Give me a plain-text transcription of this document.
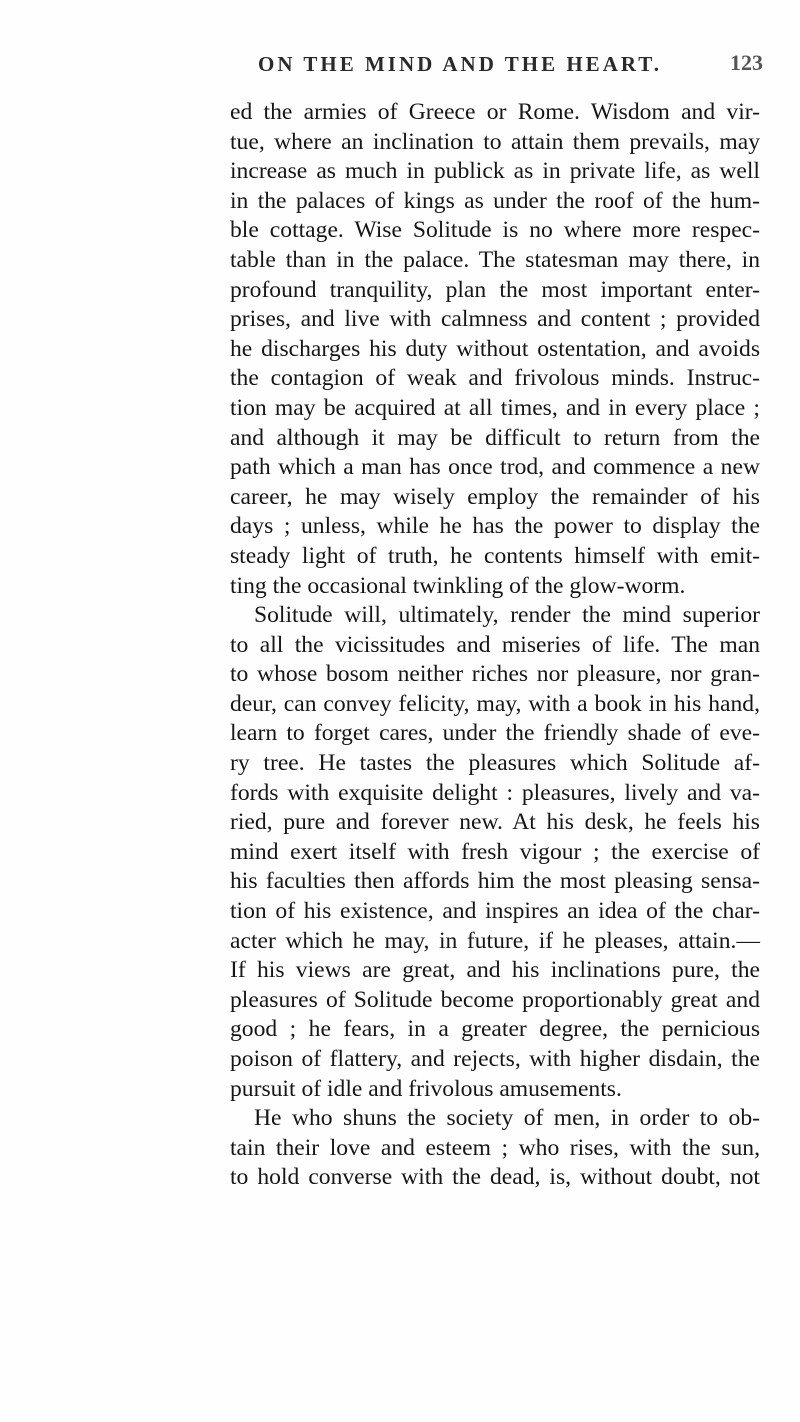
ON THE MIND AND THE HEART.	123
ed the armies of Greece or Rome. Wisdom and vir-
tue, where an inclination to attain them prevails, may
increase as much in publick as in private life, as well
in the palaces of kings as under the roof of the hum-
ble cottage. Wise Solitude is no where more respec-
table than in the palace. The statesman may there, in
profound tranquility, plan the most important enter-
prises, and live with calmness and content ; provided
he discharges his duty without ostentation, and avoids
the contagion of weak and frivolous minds. Instruc-
tion may be acquired at all times, and in every place ;
and although it may be difficult to return from the
path which a man has once trod, and commence a new
career, he may wisely employ the remainder of his
days ; unless, while he has the power to display the
steady light of truth, he contents himself with emit-
ting the occasional twinkling of the glow-worm.
Solitude will, ultimately, render the mind superior
to all the vicissitudes and miseries of life. The man
to whose bosom neither riches nor pleasure, nor gran-
deur, can convey felicity, may, with a book in his hand,
learn to forget cares, under the friendly shade of eve-
ry tree. He tastes the pleasures which Solitude af-
fords with exquisite delight : pleasures, lively and va-
ried, pure and forever new. At his desk, he feels his
mind exert itself with fresh vigour ; the exercise of
his faculties then affords him the most pleasing sensa-
tion of his existence, and inspires an idea of the char-
acter which he may, in future, if he pleases, attain.—
If his views are great, and his inclinations pure, the
pleasures of Solitude become proportionably great and
good ; he fears, in a greater degree, the pernicious
poison of flattery, and rejects, with higher disdain, the
pursuit of idle and frivolous amusements.
He who shuns the society of men, in order to ob-
tain their love and esteem ; who rises, with the sun,
to hold converse with the dead, is, without doubt, not
